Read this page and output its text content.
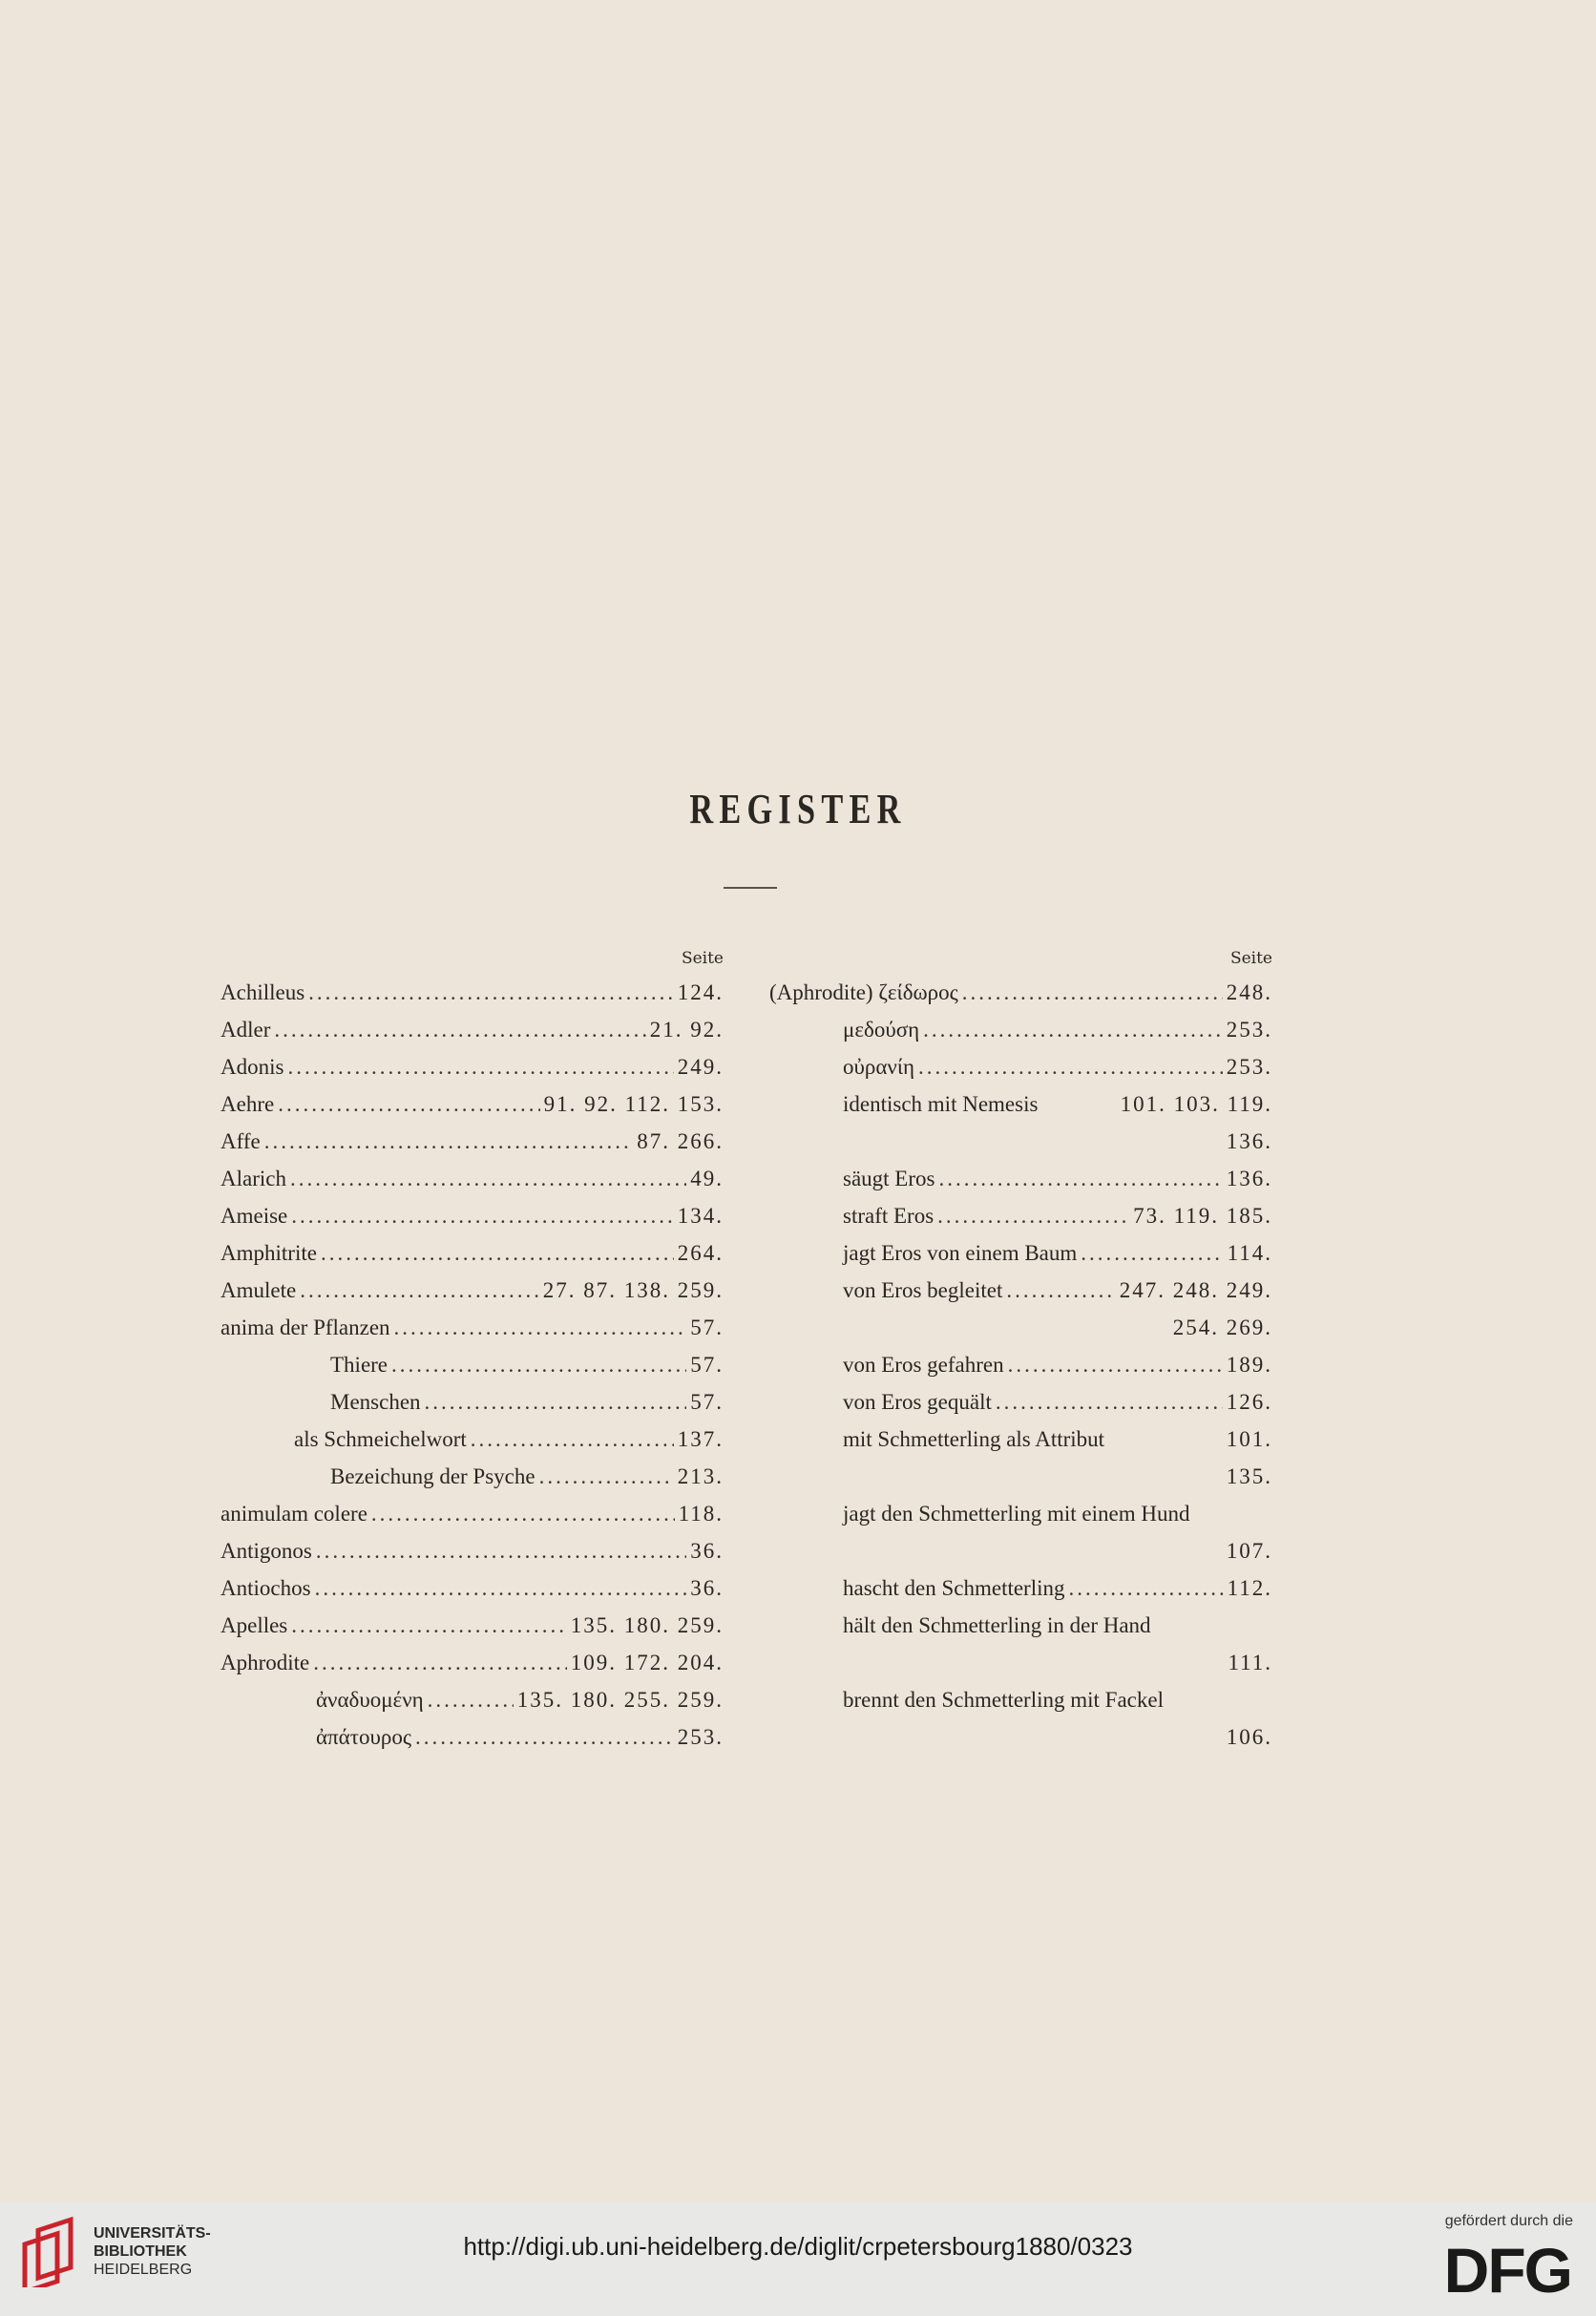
REGISTER
Seite
Achilleus .....	124.
Adler .....	21. 92.
Adonis .....	249.
Aehre .....	91. 92. 112. 153.
Affe .....	87. 266.
Alarich .....	49.
Ameise .....	134.
Amphitrite .....	264.
Amulete .....	27. 87. 138. 259.
anima der Pflanzen .....	57.
Thiere .....	57.
Menschen .....	57.
als Schmeichelwort .....	137.
Bezeichung der Psyche .....	213.
animulam colere .....	118.
Antigonos .....	36.
Antiochos .....	36.
Apelles .....	135. 180. 259.
Aphrodite .....	109. 172. 204.
ἀναδυομένη .....	135. 180. 255. 259.
ἀπάτουρος .....	253.
Seite
(Aphrodite) ζείδωρος .....	248.
μεδούση .....	253.
οὐρανίη .....	253.
identisch mit Nemesis	101. 103. 119.
136.
säugt Eros .....	136.
straft Eros .....	73. 119. 185.
jagt Eros von einem Baum .....	114.
von Eros begleitet .....	247. 248. 249.
254. 269.
von Eros gefahren .....	189.
von Eros gequält .....	126.
mit Schmetterling als Attribut	101.
135.
jagt den Schmetterling mit einem Hund
107.
hascht den Schmetterling .....	112.
hält den Schmetterling in der Hand
111.
brennt den Schmetterling mit Fackel
106.
UNIVERSITÄTS-
BIBLIOTHEK
HEIDELBERG
http://digi.ub.uni-heidelberg.de/diglit/crpetersbourg1880/0323
gefördert durch die
DFG
